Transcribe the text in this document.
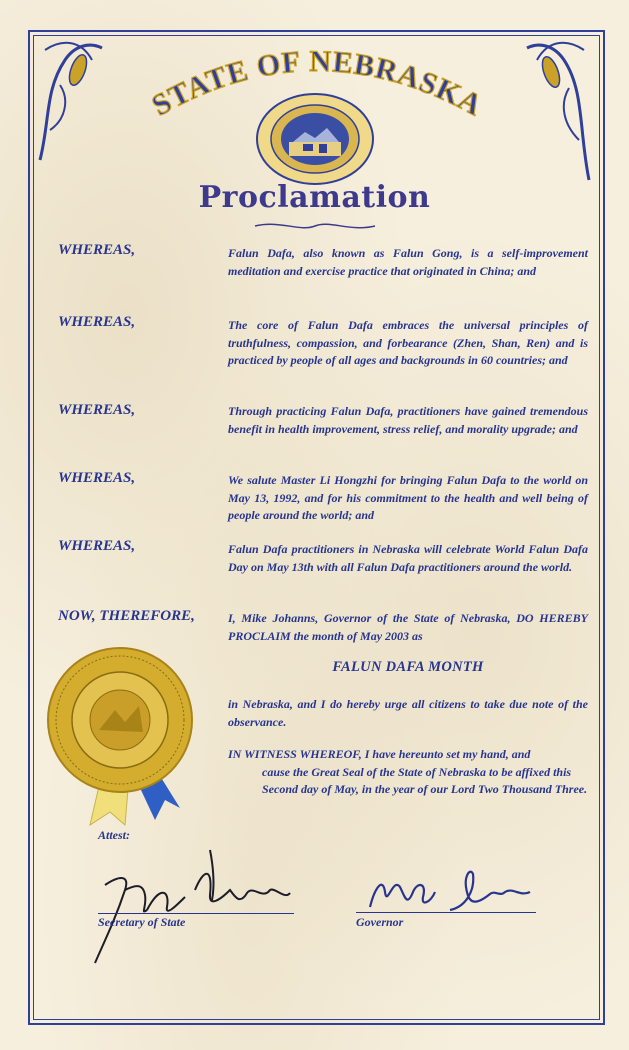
STATE OF NEBRASKA
Proclamation
WHEREAS,	Falun Dafa, also known as Falun Gong, is a self-improvement meditation and exercise practice that originated in China; and
WHEREAS,	The core of Falun Dafa embraces the universal principles of truthfulness, compassion, and forbearance (Zhen, Shan, Ren) and is practiced by people of all ages and backgrounds in 60 countries; and
WHEREAS,	Through practicing Falun Dafa, practitioners have gained tremendous benefit in health improvement, stress relief, and morality upgrade; and
WHEREAS,	We salute Master Li Hongzhi for bringing Falun Dafa to the world on May 13, 1992, and for his commitment to the health and well being of people around the world; and
WHEREAS,	Falun Dafa practitioners in Nebraska will celebrate World Falun Dafa Day on May 13th with all Falun Dafa practitioners around the world.
NOW, THEREFORE,	I, Mike Johanns, Governor of the State of Nebraska, DO HEREBY PROCLAIM the month of May 2003 as
FALUN DAFA MONTH
in Nebraska, and I do hereby urge all citizens to take due note of the observance.
IN WITNESS WHEREOF, I have hereunto set my hand, and
cause the Great Seal of the State of Nebraska to be affixed this Second day of May, in the year of our Lord Two Thousand Three.
Attest:
Secretary of State	Governor
